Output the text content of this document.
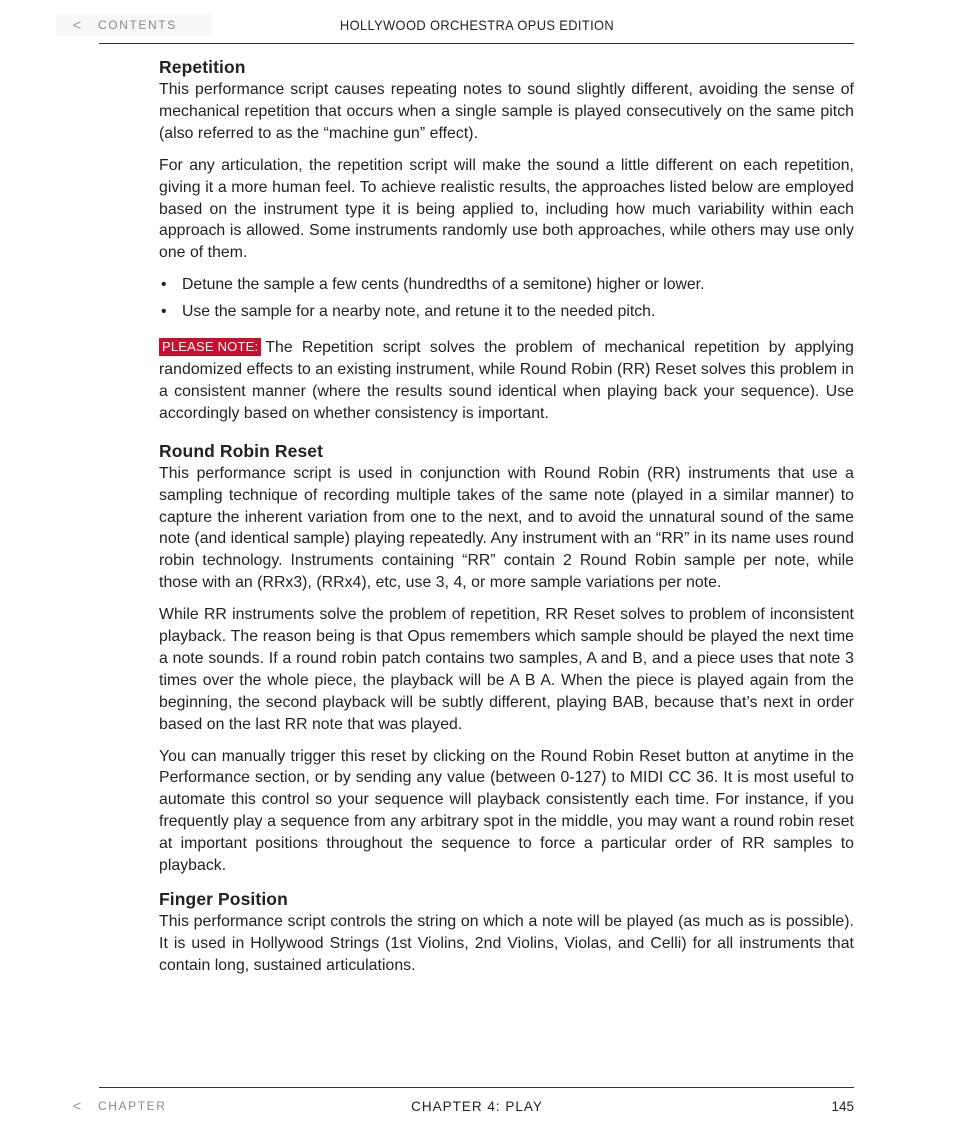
<	CONTENTS	HOLLYWOOD ORCHESTRA OPUS EDITION
Repetition

This performance script causes repeating notes to sound slightly different, avoiding the sense of mechanical repetition that occurs when a single sample is played consecutively on the same pitch (also referred to as the “machine gun” effect).

For any articulation, the repetition script will make the sound a little different on each repetition, giving it a more human feel. To achieve realistic results, the approaches listed below are employed based on the instrument type it is being applied to, including how much variability within each approach is allowed. Some instruments randomly use both approaches, while others may use only one of them.

• Detune the sample a few cents (hundredths of a semitone) higher or lower.
• Use the sample for a nearby note, and retune it to the needed pitch.

PLEASE NOTE: The Repetition script solves the problem of mechanical repetition by applying randomized effects to an existing instrument, while Round Robin (RR) Reset solves this problem in a consistent manner (where the results sound identical when playing back your sequence). Use accordingly based on whether consistency is important.

Round Robin Reset

This performance script is used in conjunction with Round Robin (RR) instruments that use a sampling technique of recording multiple takes of the same note (played in a similar manner) to capture the inherent variation from one to the next, and to avoid the unnatural sound of the same note (and identical sample) playing repeatedly. Any instrument with an “RR” in its name uses round robin technology. Instruments containing “RR” contain 2 Round Robin sample per note, while those with an (RRx3), (RRx4), etc, use 3, 4, or more sample variations per note.

While RR instruments solve the problem of repetition, RR Reset solves to problem of inconsistent playback. The reason being is that Opus remembers which sample should be played the next time a note sounds. If a round robin patch contains two samples, A and B, and a piece uses that note 3 times over the whole piece, the playback will be A B A. When the piece is played again from the beginning, the second playback will be subtly different, playing BAB, because that’s next in order based on the last RR note that was played.

You can manually trigger this reset by clicking on the Round Robin Reset button at anytime in the Performance section, or by sending any value (between 0-127) to MIDI CC 36. It is most useful to automate this control so your sequence will playback consistently each time. For instance, if you frequently play a sequence from any arbitrary spot in the middle, you may want a round robin reset at important positions throughout the sequence to force a particular order of RR samples to playback.

Finger Position

This performance script controls the string on which a note will be played (as much as is possible). It is used in Hollywood Strings (1st Violins, 2nd Violins, Violas, and Celli) for all instruments that contain long, sustained articulations.

<	CHAPTER	CHAPTER 4: PLAY	145
